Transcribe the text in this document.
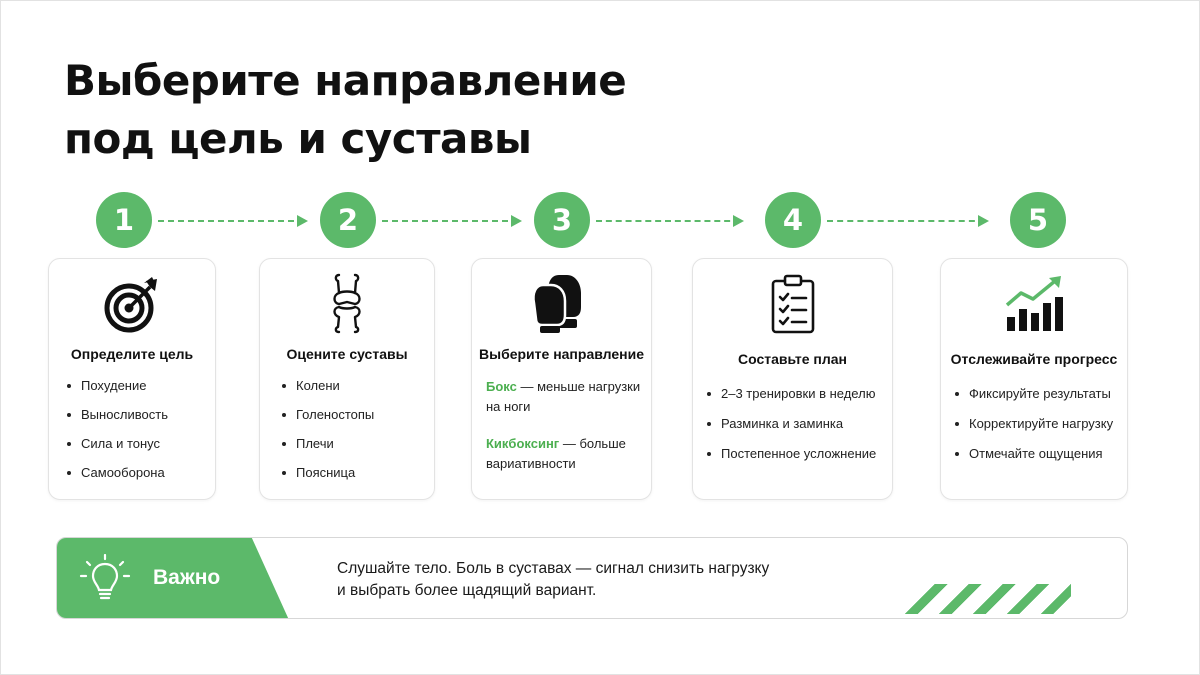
Выберите направление
под цель и суставы
1	2	3	4	5
Определите цель
Похудение
Выносливость
Сила и тонус
Самооборона
Оцените суставы
Колени
Голеностопы
Плечи
Поясница
Выберите направление
Бокс — меньше нагрузки на ноги
Кикбоксинг — больше вариативности
Составьте план
2–3 тренировки в неделю
Разминка и заминка
Постепенное усложнение
Отслеживайте прогресс
Фиксируйте результаты
Корректируйте нагрузку
Отмечайте ощущения
Важно	Слушайте тело. Боль в суставах — сигнал снизить нагрузку
и выбрать более щадящий вариант.
